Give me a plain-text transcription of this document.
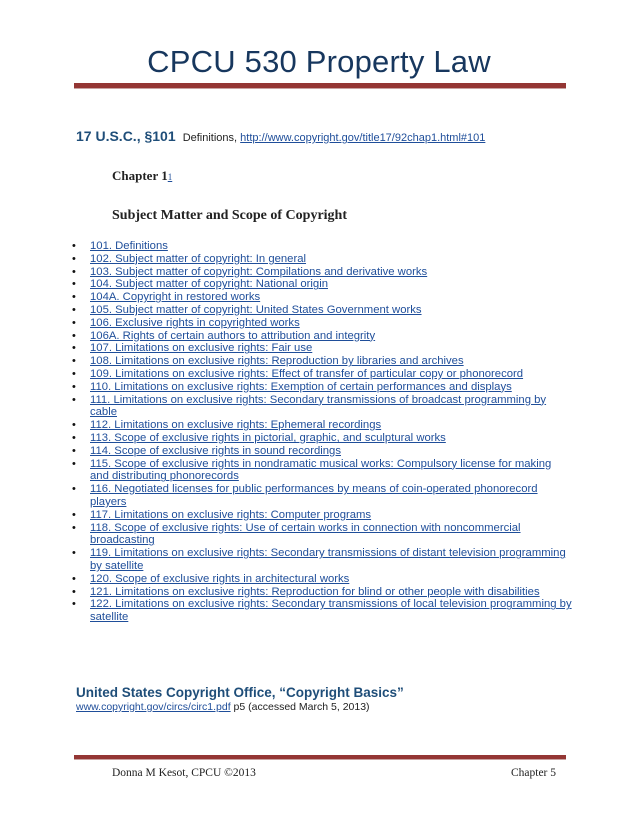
CPCU 530 Property Law
17 U.S.C., §101 Definitions, http://www.copyright.gov/title17/92chap1.html#101
Chapter 11
Subject Matter and Scope of Copyright
• 101. Definitions
• 102. Subject matter of copyright: In general
• 103. Subject matter of copyright: Compilations and derivative works
• 104. Subject matter of copyright: National origin
• 104A. Copyright in restored works
• 105. Subject matter of copyright: United States Government works
• 106. Exclusive rights in copyrighted works
• 106A. Rights of certain authors to attribution and integrity
• 107. Limitations on exclusive rights: Fair use
• 108. Limitations on exclusive rights: Reproduction by libraries and archives
• 109. Limitations on exclusive rights: Effect of transfer of particular copy or phonorecord
• 110. Limitations on exclusive rights: Exemption of certain performances and displays
• 111. Limitations on exclusive rights: Secondary transmissions of broadcast programming by cable
• 112. Limitations on exclusive rights: Ephemeral recordings
• 113. Scope of exclusive rights in pictorial, graphic, and sculptural works
• 114. Scope of exclusive rights in sound recordings
• 115. Scope of exclusive rights in nondramatic musical works: Compulsory license for making and distributing phonorecords
• 116. Negotiated licenses for public performances by means of coin-operated phonorecord players
• 117. Limitations on exclusive rights: Computer programs
• 118. Scope of exclusive rights: Use of certain works in connection with noncommercial broadcasting
• 119. Limitations on exclusive rights: Secondary transmissions of distant television programming by satellite
• 120. Scope of exclusive rights in architectural works
• 121. Limitations on exclusive rights: Reproduction for blind or other people with disabilities
• 122. Limitations on exclusive rights: Secondary transmissions of local television programming by satellite
United States Copyright Office, “Copyright Basics”
www.copyright.gov/circs/circ1.pdf p5 (accessed March 5, 2013)
Donna M Kesot, CPCU ©2013	Chapter 5
